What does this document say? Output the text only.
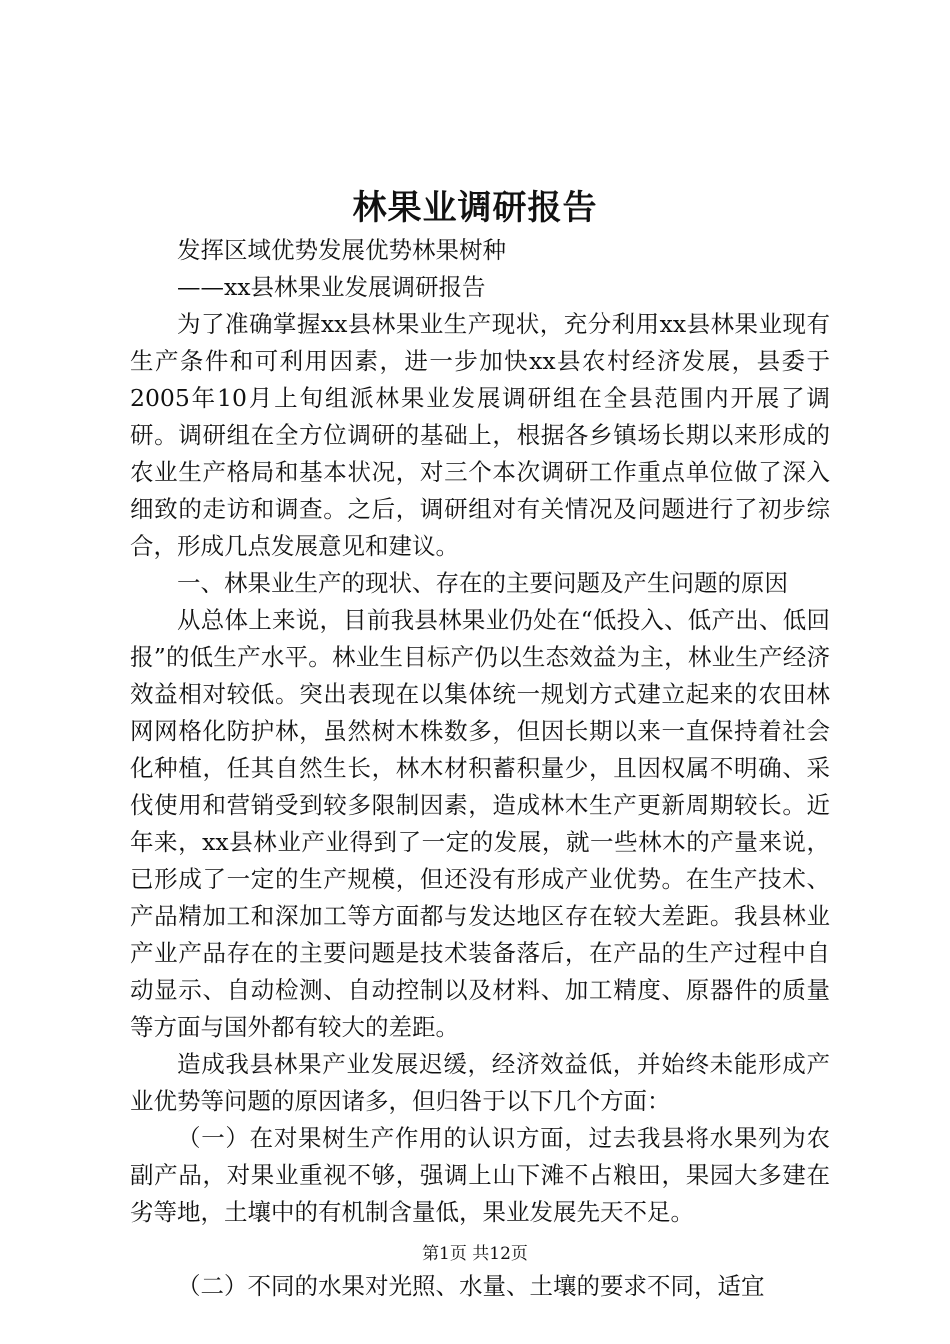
林果业调研报告

发挥区域优势发展优势林果树种

——xx县林果业发展调研报告

为了准确掌握xx县林果业生产现状，充分利用xx县林果业现有生产条件和可利用因素，进一步加快xx县农村经济发展，县委于2005年10月上旬组派林果业发展调研组在全县范围内开展了调研。调研组在全方位调研的基础上，根据各乡镇场长期以来形成的农业生产格局和基本状况，对三个本次调研工作重点单位做了深入细致的走访和调查。之后，调研组对有关情况及问题进行了初步综合，形成几点发展意见和建议。

一、林果业生产的现状、存在的主要问题及产生问题的原因

从总体上来说，目前我县林果业仍处在“低投入、低产出、低回报”的低生产水平。林业生目标产仍以生态效益为主，林业生产经济效益相对较低。突出表现在以集体统一规划方式建立起来的农田林网网格化防护林，虽然树木株数多，但因长期以来一直保持着社会化种植，任其自然生长，林木材积蓄积量少，且因权属不明确、采伐使用和营销受到较多限制因素，造成林木生产更新周期较长。近年来，xx县林业产业得到了一定的发展，就一些林木的产量来说，已形成了一定的生产规模，但还没有形成产业优势。在生产技术、产品精加工和深加工等方面都与发达地区存在较大差距。我县林业产业产品存在的主要问题是技术装备落后，在产品的生产过程中自动显示、自动检测、自动控制以及材料、加工精度、原器件的质量等方面与国外都有较大的差距。

造成我县林果产业发展迟缓，经济效益低，并始终未能形成产业优势等问题的原因诸多，但归咎于以下几个方面：

（一）在对果树生产作用的认识方面，过去我县将水果列为农副产品，对果业重视不够，强调上山下滩不占粮田，果园大多建在劣等地，土壤中的有机制含量低，果业发展先天不足。

（二）不同的水果对光照、水量、土壤的要求不同，适宜

第1页 共12页
